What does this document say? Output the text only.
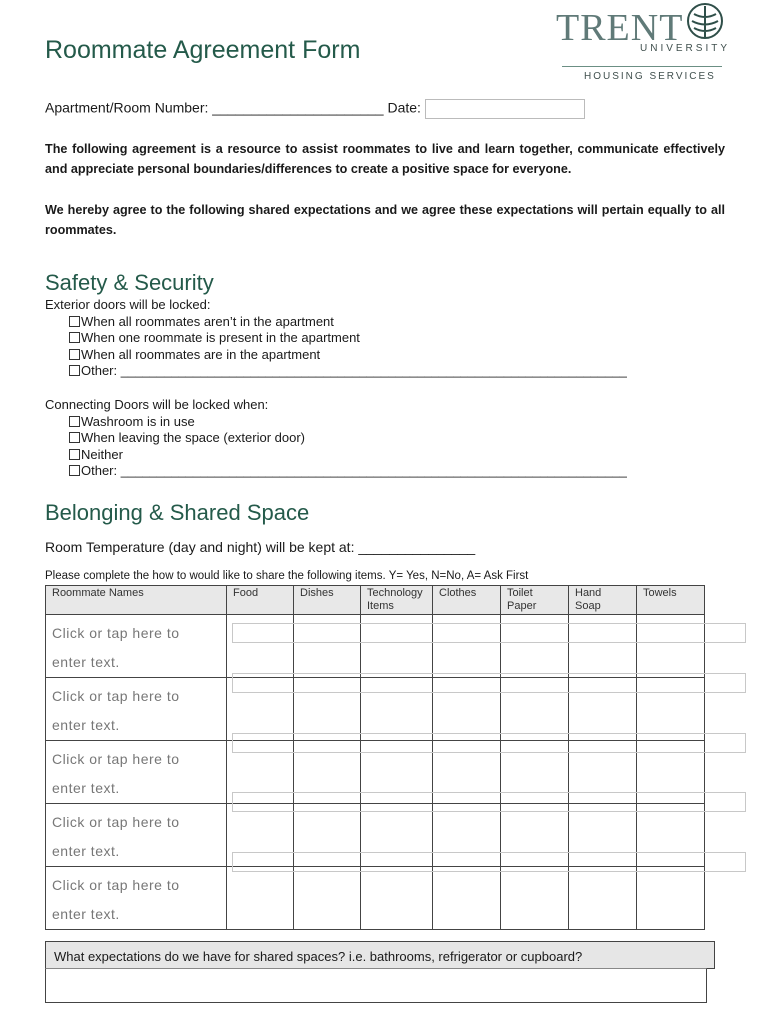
Roommate Agreement Form
TRENT
UNIVERSITY
HOUSING SERVICES
Apartment/Room Number: ______________________ Date:
The following agreement is a resource to assist roommates to live and learn together, communicate effectively and appreciate personal boundaries/differences to create a positive space for everyone.
We hereby agree to the following shared expectations and we agree these expectations will pertain equally to all roommates.
Safety & Security
Exterior doors will be locked:
When all roommates aren’t in the apartment
When one roommate is present in the apartment
When all roommates are in the apartment
Other: ______________________________________________________________________
Connecting Doors will be locked when:
Washroom is in use
When leaving the space (exterior door)
Neither
Other: ______________________________________________________________________
Belonging & Shared Space
Room Temperature (day and night) will be kept at: _______________
Please complete the how to would like to share the following items. Y= Yes, N=No, A= Ask First
Roommate Names	Food	Dishes	Technology Items	Clothes	Toilet Paper	Hand Soap	Towels

Click or tap here to
enter text.							

Click or tap here to
enter text.							

Click or tap here to
enter text.							

Click or tap here to
enter text.							

Click or tap here to
enter text.							

What expectations do we have for shared spaces? i.e. bathrooms, refrigerator or cupboard?
